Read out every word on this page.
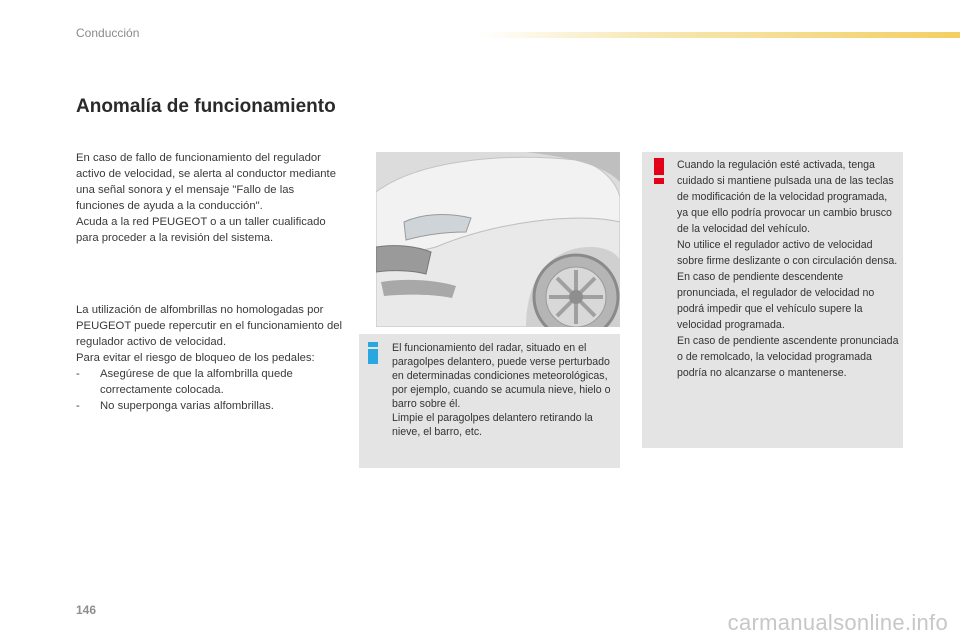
Conducción
Anomalía de funcionamiento

En caso de fallo de funcionamiento del regulador activo de velocidad, se alerta al conductor mediante una señal sonora y el mensaje "Fallo de las funciones de ayuda a la conducción".

Acuda a la red PEUGEOT o a un taller cualificado para proceder a la revisión del sistema.

La utilización de alfombrillas no homologadas por PEUGEOT puede repercutir en el funcionamiento del regulador activo de velocidad.

Para evitar el riesgo de bloqueo de los pedales:

-	Asegúrese de que la alfombrilla quede correctamente colocada.
-	No superponga varias alfombrillas.

El funcionamiento del radar, situado en el paragolpes delantero, puede verse perturbado en determinadas condiciones meteorológicas, por ejemplo, cuando se acumula nieve, hielo o barro sobre él.

Limpie el paragolpes delantero retirando la nieve, el barro, etc.

Cuando la regulación esté activada, tenga cuidado si mantiene pulsada una de las teclas de modificación de la velocidad programada, ya que ello podría provocar un cambio brusco de la velocidad del vehículo.

No utilice el regulador activo de velocidad sobre firme deslizante o con circulación densa.

En caso de pendiente descendente pronunciada, el regulador de velocidad no podrá impedir que el vehículo supere la velocidad programada.

En caso de pendiente ascendente pronunciada o de remolcado, la velocidad programada podría no alcanzarse o mantenerse.

146	carmanualsonline.info
